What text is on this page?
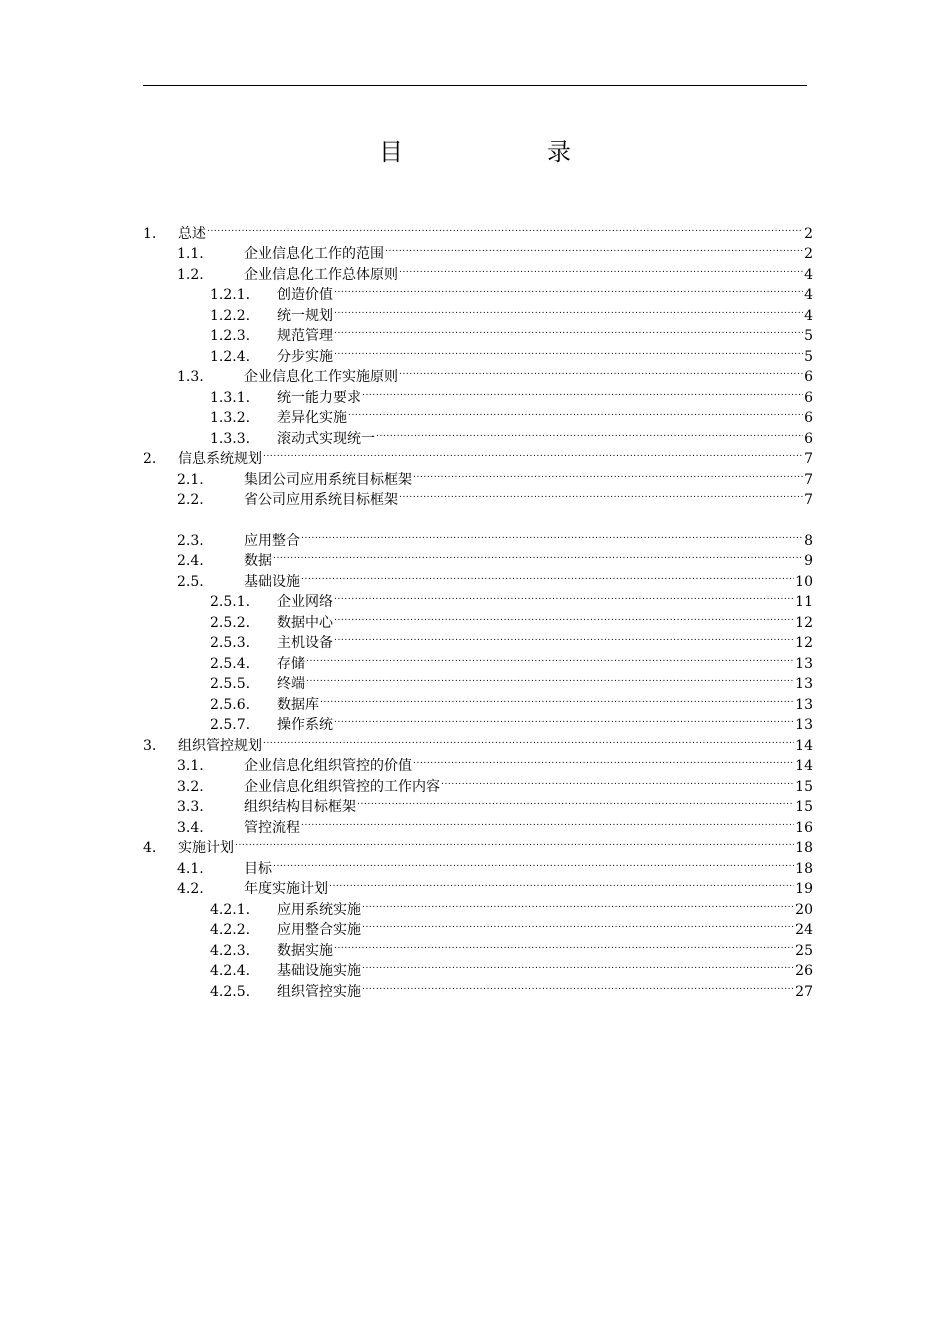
目　录
1.	总述 .....	2
1.1.	企业信息化工作的范围 .....	2
1.2.	企业信息化工作总体原则 .....	4
1.2.1.	创造价值 .....	4
1.2.2.	统一规划 .....	4
1.2.3.	规范管理 .....	5
1.2.4.	分步实施 .....	5
1.3.	企业信息化工作实施原则 .....	6
1.3.1.	统一能力要求 .....	6
1.3.2.	差异化实施 .....	6
1.3.3.	滚动式实现统一 .....	6
2.	信息系统规划 .....	7
2.1.	集团公司应用系统目标框架 .....	7
2.2.	省公司应用系统目标框架 .....	7
2.3.	应用整合 .....	8
2.4.	数据 .....	9
2.5.	基础设施 .....	10
2.5.1.	企业网络 .....	11
2.5.2.	数据中心 .....	12
2.5.3.	主机设备 .....	12
2.5.4.	存储 .....	13
2.5.5.	终端 .....	13
2.5.6.	数据库 .....	13
2.5.7.	操作系统 .....	13
3.	组织管控规划 .....	14
3.1.	企业信息化组织管控的价值 .....	14
3.2.	企业信息化组织管控的工作内容 .....	15
3.3.	组织结构目标框架 .....	15
3.4.	管控流程 .....	16
4.	实施计划 .....	18
4.1.	目标 .....	18
4.2.	年度实施计划 .....	19
4.2.1.	应用系统实施 .....	20
4.2.2.	应用整合实施 .....	24
4.2.3.	数据实施 .....	25
4.2.4.	基础设施实施 .....	26
4.2.5.	组织管控实施 .....	27
